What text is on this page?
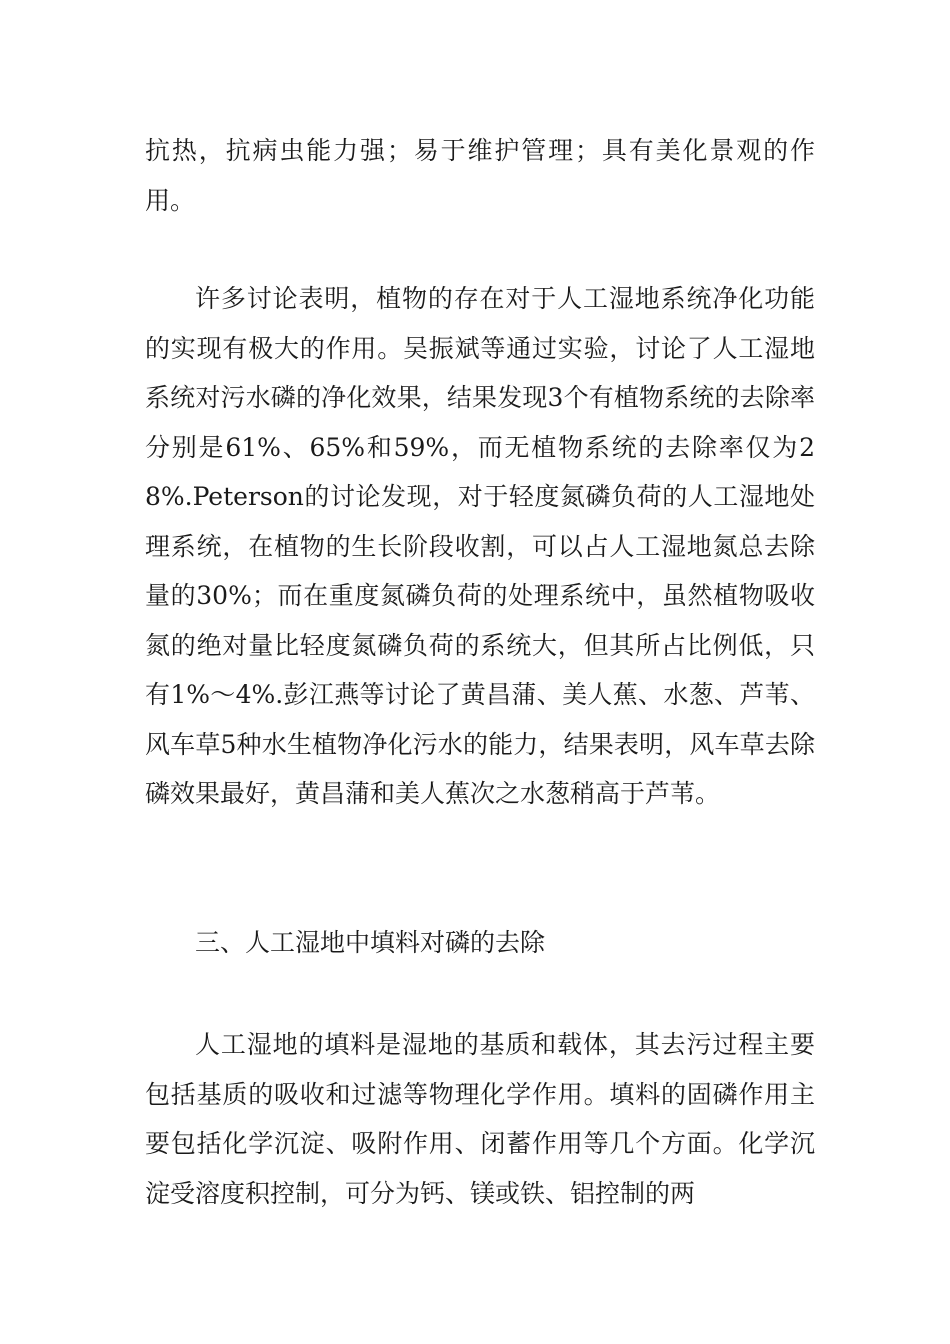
抗热，抗病虫能力强；易于维护管理；具有美化景观的作用。

许多讨论表明，植物的存在对于人工湿地系统净化功能的实现有极大的作用。吴振斌等通过实验，讨论了人工湿地系统对污水磷的净化效果，结果发现3个有植物系统的去除率分别是61%、65%和59%，而无植物系统的去除率仅为28%.Peterson的讨论发现，对于轻度氮磷负荷的人工湿地处理系统，在植物的生长阶段收割，可以占人工湿地氮总去除量的30%；而在重度氮磷负荷的处理系统中，虽然植物吸收氮的绝对量比轻度氮磷负荷的系统大，但其所占比例低，只有1%～4%.彭江燕等讨论了黄昌蒲、美人蕉、水葱、芦苇、风车草5种水生植物净化污水的能力，结果表明，风车草去除磷效果最好，黄昌蒲和美人蕉次之水葱稍高于芦苇。

三、人工湿地中填料对磷的去除

人工湿地的填料是湿地的基质和载体，其去污过程主要包括基质的吸收和过滤等物理化学作用。填料的固磷作用主要包括化学沉淀、吸附作用、闭蓄作用等几个方面。化学沉淀受溶度积控制，可分为钙、镁或铁、铝控制的两
